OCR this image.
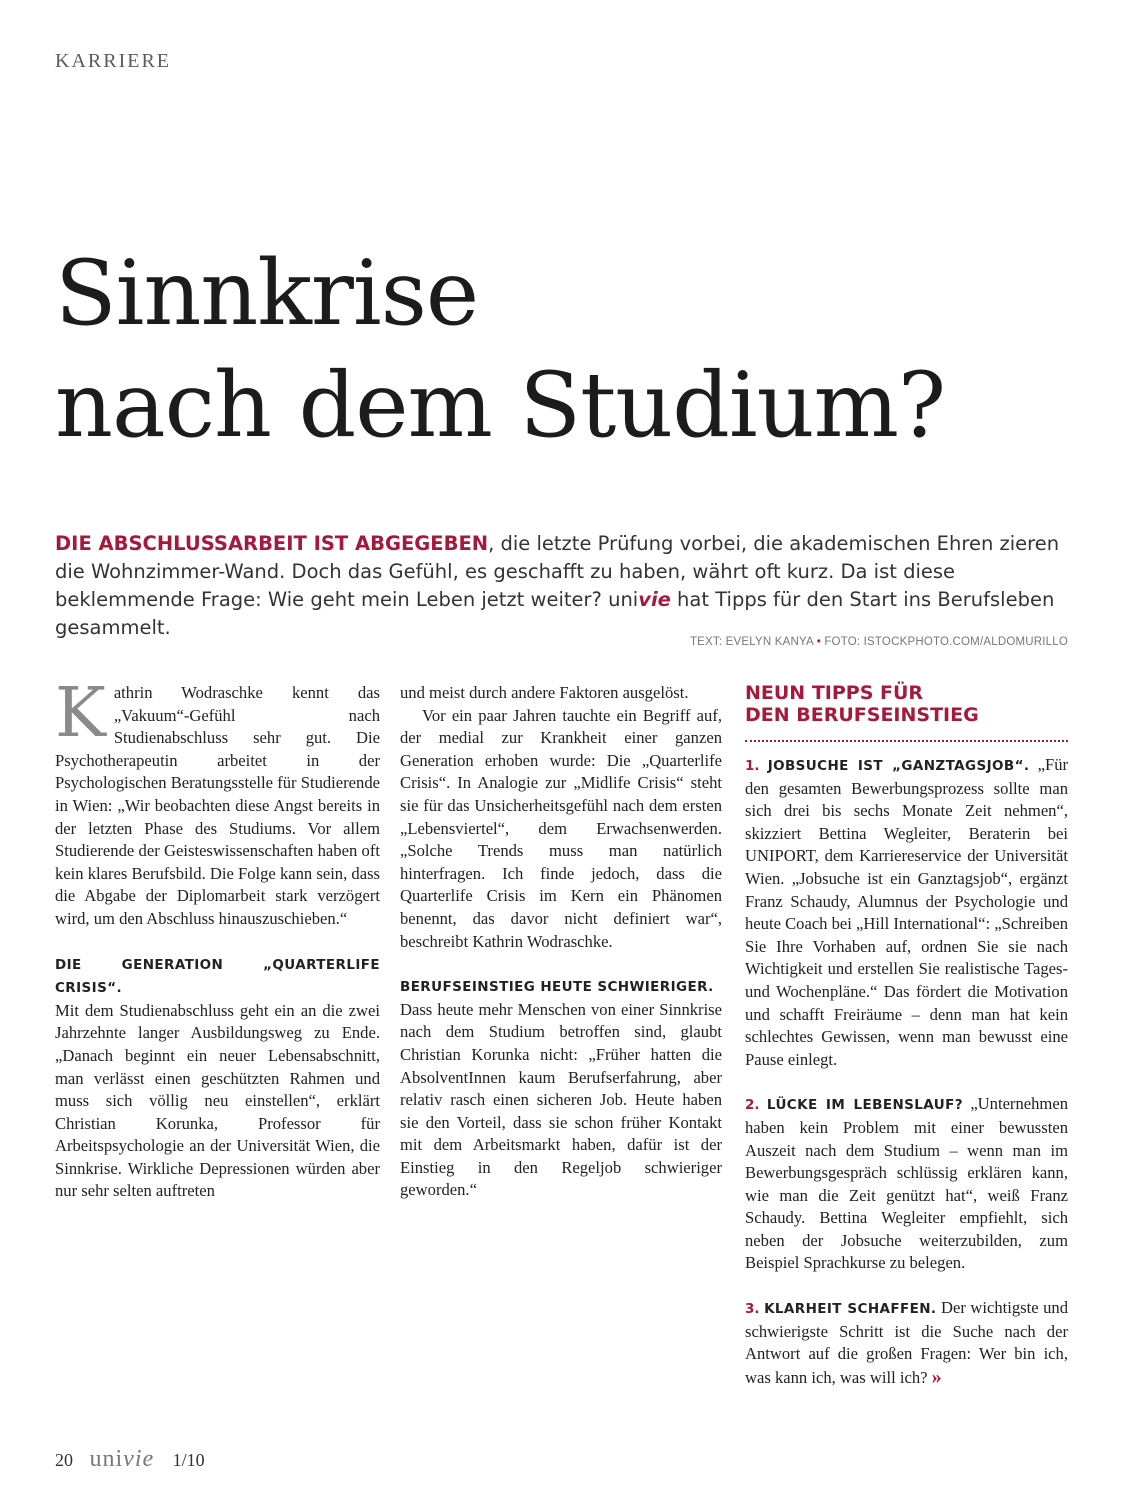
KARRIERE
Sinnkrise
nach dem Studium?

DIE ABSCHLUSSARBEIT IST ABGEGEBEN, die letzte Prüfung vorbei, die akademischen Ehren zieren die Wohnzimmer-Wand. Doch das Gefühl, es geschafft zu haben, währt oft kurz. Da ist diese beklemmende Frage: Wie geht mein Leben jetzt weiter? univie hat Tipps für den Start ins Berufsleben gesammelt.

TEXT: EVELYN KANYA • FOTO: ISTOCKPHOTO.COM/ALDOMURILLO

Kathrin Wodraschke kennt das „Vakuum“-Gefühl nach Studienabschluss sehr gut. Die Psychotherapeutin arbeitet in der Psychologischen Beratungsstelle für Studierende in Wien: „Wir beobachten diese Angst bereits in der letzten Phase des Studiums. Vor allem Studierende der Geisteswissenschaften haben oft kein klares Berufsbild. Die Folge kann sein, dass die Abgabe der Diplomarbeit stark verzögert wird, um den Abschluss hinauszuschieben.“

DIE GENERATION „QUARTERLIFE CRISIS“.
Mit dem Studienabschluss geht ein an die zwei Jahrzehnte langer Ausbildungsweg zu Ende. „Danach beginnt ein neuer Lebensabschnitt, man verlässt einen geschützten Rahmen und muss sich völlig neu einstellen“, erklärt Christian Korunka, Professor für Arbeitspsychologie an der Universität Wien, die Sinnkrise. Wirkliche Depressionen würden aber nur sehr selten auftreten

und meist durch andere Faktoren ausgelöst.

Vor ein paar Jahren tauchte ein Begriff auf, der medial zur Krankheit einer ganzen Generation erhoben wurde: Die „Quarterlife Crisis“. In Analogie zur „Midlife Crisis“ steht sie für das Unsicherheitsgefühl nach dem ersten „Lebensviertel“, dem Erwachsenwerden. „Solche Trends muss man natürlich hinterfragen. Ich finde jedoch, dass die Quarterlife Crisis im Kern ein Phänomen benennt, das davor nicht definiert war“, beschreibt Kathrin Wodraschke.

BERUFSEINSTIEG HEUTE SCHWIERIGER.
Dass heute mehr Menschen von einer Sinnkrise nach dem Studium betroffen sind, glaubt Christian Korunka nicht: „Früher hatten die AbsolventInnen kaum Berufserfahrung, aber relativ rasch einen sicheren Job. Heute haben sie den Vorteil, dass sie schon früher Kontakt mit dem Arbeitsmarkt haben, dafür ist der Einstieg in den Regeljob schwieriger geworden.“

NEUN TIPPS FÜR
DEN BERUFSEINSTIEG

1. JOBSUCHE IST „GANZTAGSJOB“. „Für den gesamten Bewerbungsprozess sollte man sich drei bis sechs Monate Zeit nehmen“, skizziert Bettina Wegleiter, Beraterin bei UNIPORT, dem Karriereservice der Universität Wien. „Jobsuche ist ein Ganztagsjob“, ergänzt Franz Schaudy, Alumnus der Psychologie und heute Coach bei „Hill International“: „Schreiben Sie Ihre Vorhaben auf, ordnen Sie sie nach Wichtigkeit und erstellen Sie realistische Tages- und Wochenpläne.“ Das fördert die Motivation und schafft Freiräume – denn man hat kein schlechtes Gewissen, wenn man bewusst eine Pause einlegt.

2. LÜCKE IM LEBENSLAUF? „Unternehmen haben kein Problem mit einer bewussten Auszeit nach dem Studium – wenn man im Bewerbungsgespräch schlüssig erklären kann, wie man die Zeit genützt hat“, weiß Franz Schaudy. Bettina Wegleiter empfiehlt, sich neben der Jobsuche weiterzubilden, zum Beispiel Sprachkurse zu belegen.

3. KLARHEIT SCHAFFEN. Der wichtigste und schwierigste Schritt ist die Suche nach der Antwort auf die großen Fragen: Wer bin ich, was kann ich, was will ich? »

20 univie 1/10
